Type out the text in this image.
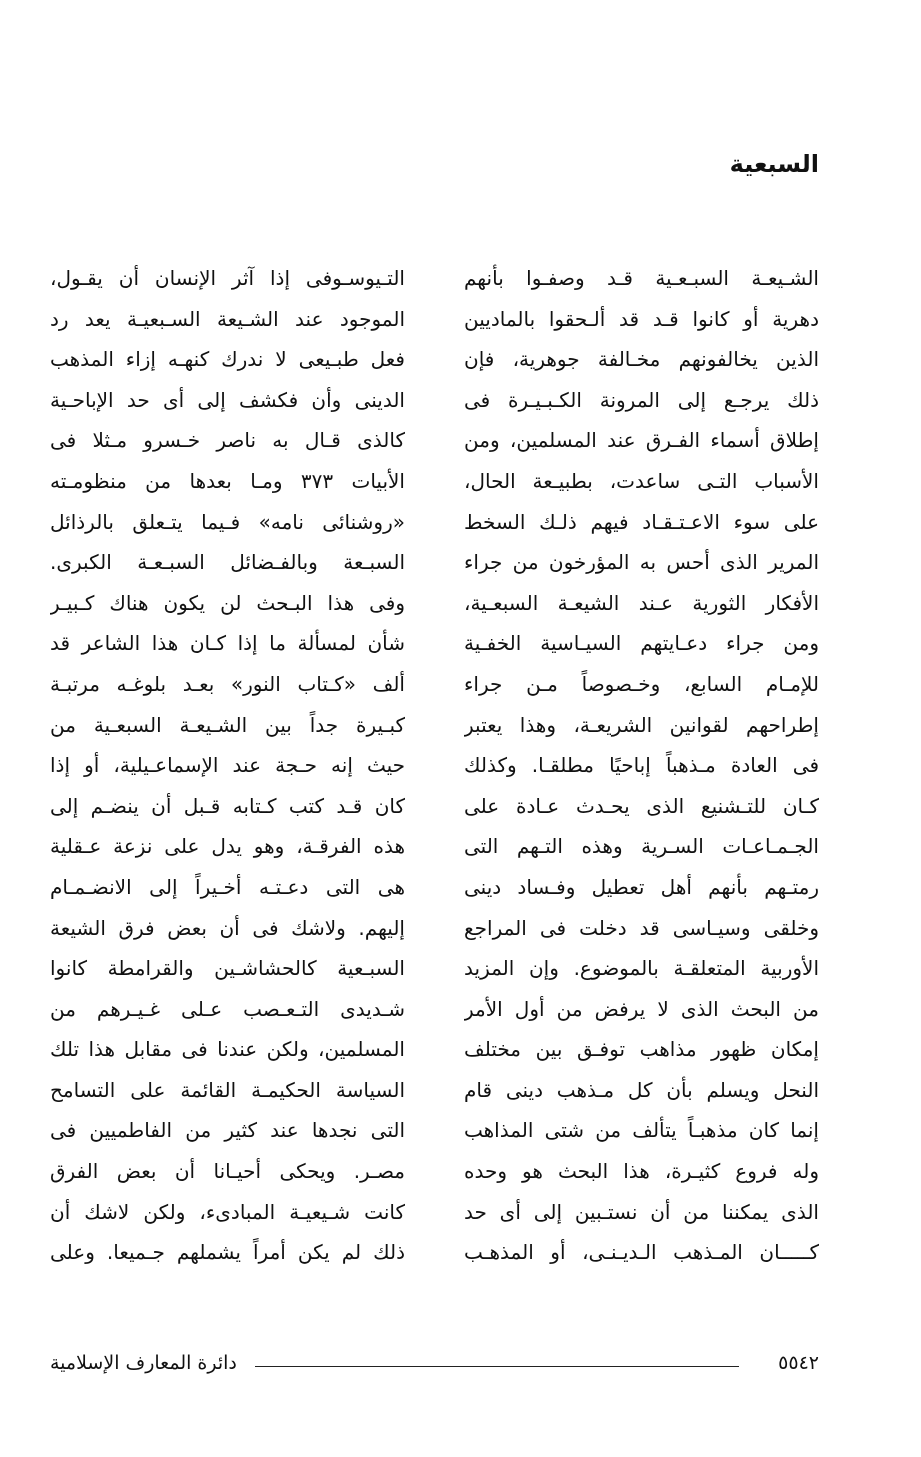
السبعية
الشـيعـة السبـعـية قـد وصفـوا بأنهم
دهرية أو كانوا قـد قد ألـحقوا بالماديين
الذين يخالفونهم مخـالفة جوهرية، فإن
ذلك يرجـع إلى المرونة الكـبـيـرة فى
إطلاق أسماء الفـرق عند المسلمين، ومن
الأسباب التـى ساعدت، بطبيـعة الحال،
على سوء الاعـتـقـاد فيهم ذلـك السخط
المرير الذى أحس به المؤرخون من جراء
الأفكار الثورية عـند الشيعـة السبعـية،
ومن جراء دعـايتهم السيـاسية الخفـية
للإمـام السابع، وخـصوصاً مـن جراء
إطراحهم لقوانين الشريعـة، وهذا يعتبر
فى العادة مـذهباً إباحيًا مطلقـا. وكذلك
كـان للتـشنيع الذى يحـدث عـادة على
الجـمـاعـات السـرية وهذه التـهم التى
رمتـهم بأنهم أهل تعطيل وفـساد دينى
وخلقى وسيـاسى قد دخلت فى المراجع
الأوربية المتعلقـة بالموضوع. وإن المزيد
من البحث الذى لا يرفض من أول الأمر
إمكان ظهور مذاهب توفـق بين مختلف
النحل ويسلم بأن كل مـذهب دينى قام
إنما كان مذهبـاً يتألف من شتى المذاهب
وله فروع كثيـرة، هذا البحث هو وحده
الذى يمكننا من أن نستـبين إلى أى حد
كـــــان المـذهب الـديـنـى، أو المذهـب
التـيوسـوفى إذا آثر الإنسان أن يقـول،
الموجود عند الشـيعة السـبعيـة يعد رد
فعل طبـيعى لا ندرك كنهـه إزاء المذهب
الدينى وأن فكشف إلى أى حد الإباحـية
كالذى قـال به ناصر خـسرو مـثلا فى
الأبيات ٣٧٣ ومـا بعدها من منظومـته
«روشنائى نامه» فـيما يتـعلق بالرذائل
السبـعة وبالفـضائل السبـعـة الكبرى.
وفى هذا البـحث لن يكون هناك كـبيـر
شأن لمسألة ما إذا كـان هذا الشاعر قد
ألف «كـتاب النور» بعـد بلوغـه مرتبـة
كبـيرة جداً بين الشـيعـة السبعـية من
حيث إنه حـجة عند الإسماعـيلية، أو إذا
كان قـد كتب كـتابه قـبل أن ينضـم إلى
هذه الفرقـة، وهو يدل على نزعة عـقلية
هى التى دعـتـه أخـيراً إلى الانضـمـام
إليهم. ولاشك فى أن بعض فرق الشيعة
السبـعية كالحشاشـين والقرامطة كانوا
شـديدى التـعـصب عـلى غـيـرهم من
المسلمين، ولكن عندنا فى مقابل هذا تلك
السياسة الحكيمـة القائمة على التسامح
التى نجدها عند كثير من الفاطميين فى
مصـر. ويحكى أحيـانا أن بعض الفرق
كانت شـيعيـة المبادىء، ولكن لاشك أن
ذلك لم يكن أمراً يشملهم جـميعا. وعلى
٥٥٤٢
دائرة المعارف الإسلامية
